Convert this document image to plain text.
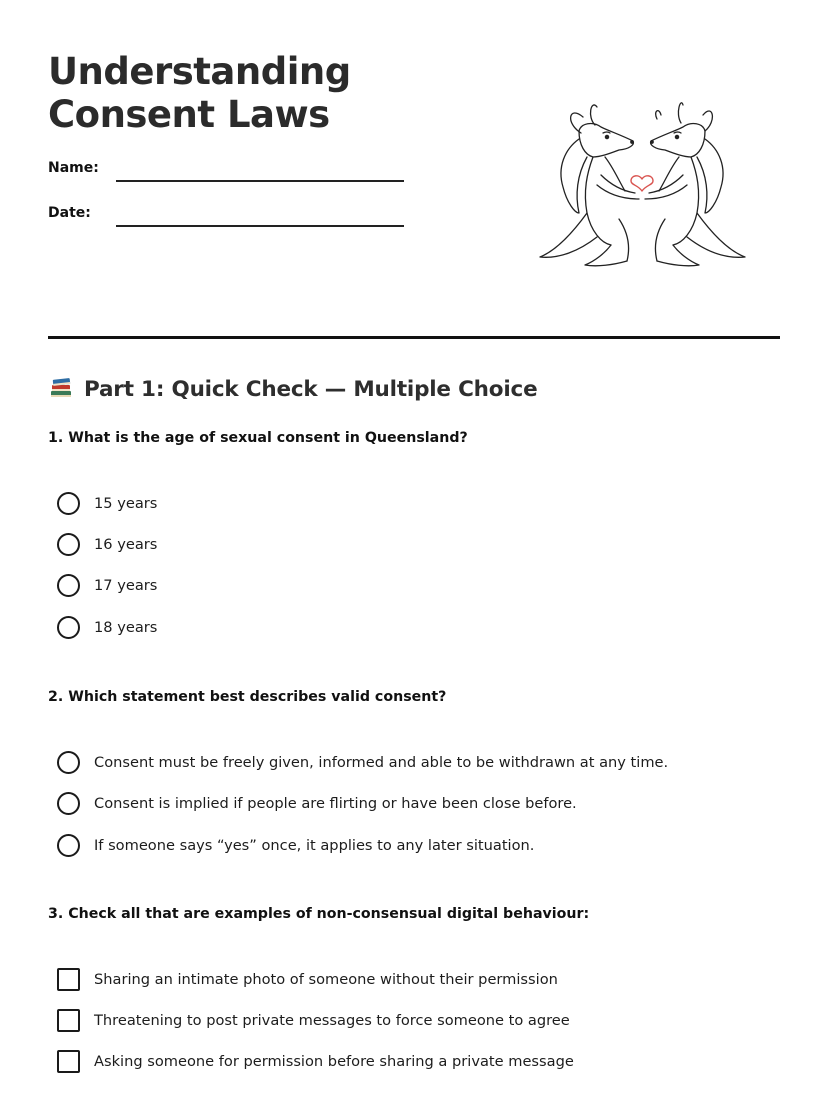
Understanding Consent Laws
Name:
Date:
Part 1: Quick Check — Multiple Choice
1. What is the age of sexual consent in Queensland?
15 years
16 years
17 years
18 years
2. Which statement best describes valid consent?
Consent must be freely given, informed and able to be withdrawn at any time.
Consent is implied if people are flirting or have been close before.
If someone says “yes” once, it applies to any later situation.
3. Check all that are examples of non-consensual digital behaviour:
Sharing an intimate photo of someone without their permission
Threatening to post private messages to force someone to agree
Asking someone for permission before sharing a private message
